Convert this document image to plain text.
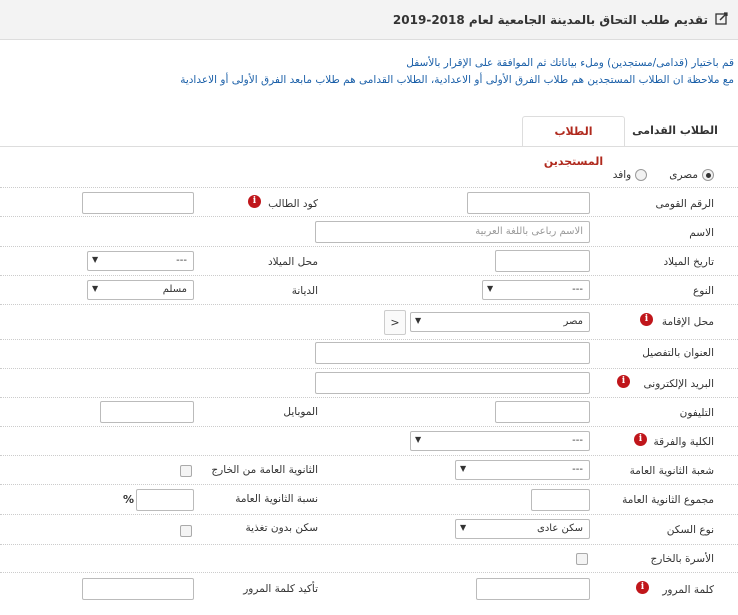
تقديم طلب التحاق بالمدينة الجامعية لعام 2018-2019
قم باختيار (قدامى/مستجدين) وملء بياناتك ثم الموافقة على الإقرار بالأسفل
مع ملاحظة ان الطلاب المستجدين هم طلاب الفرق الأولى أو الاعدادية، الطلاب القدامى هم طلاب مابعد الفرق الأولى أو الاعدادية
الطلاب القدامى
الطلاب المستجدين
مصرى
وافد
الرقم القومى
كود الطالب
i
الاسم
الاسم رباعى باللغة العربية
تاريخ الميلاد
محل الميلاد
---
▼
النوع
---
▼
الديانة
مسلم
▼
محل الإقامة
i
مصر
▼
>
العنوان بالتفصيل
البريد الإلكترونى
i
التليفون
الموبايل
الكلية والفرقة
i
---
▼
شعبة الثانوية العامة
---
▼
الثانوية العامة من الخارج
مجموع الثانوية العامة
نسبة الثانوية العامة
%
نوع السكن
سكن عادى
▼
سكن بدون تغذية
الأسرة بالخارج
كلمة المرور
i
تأكيد كلمة المرور
